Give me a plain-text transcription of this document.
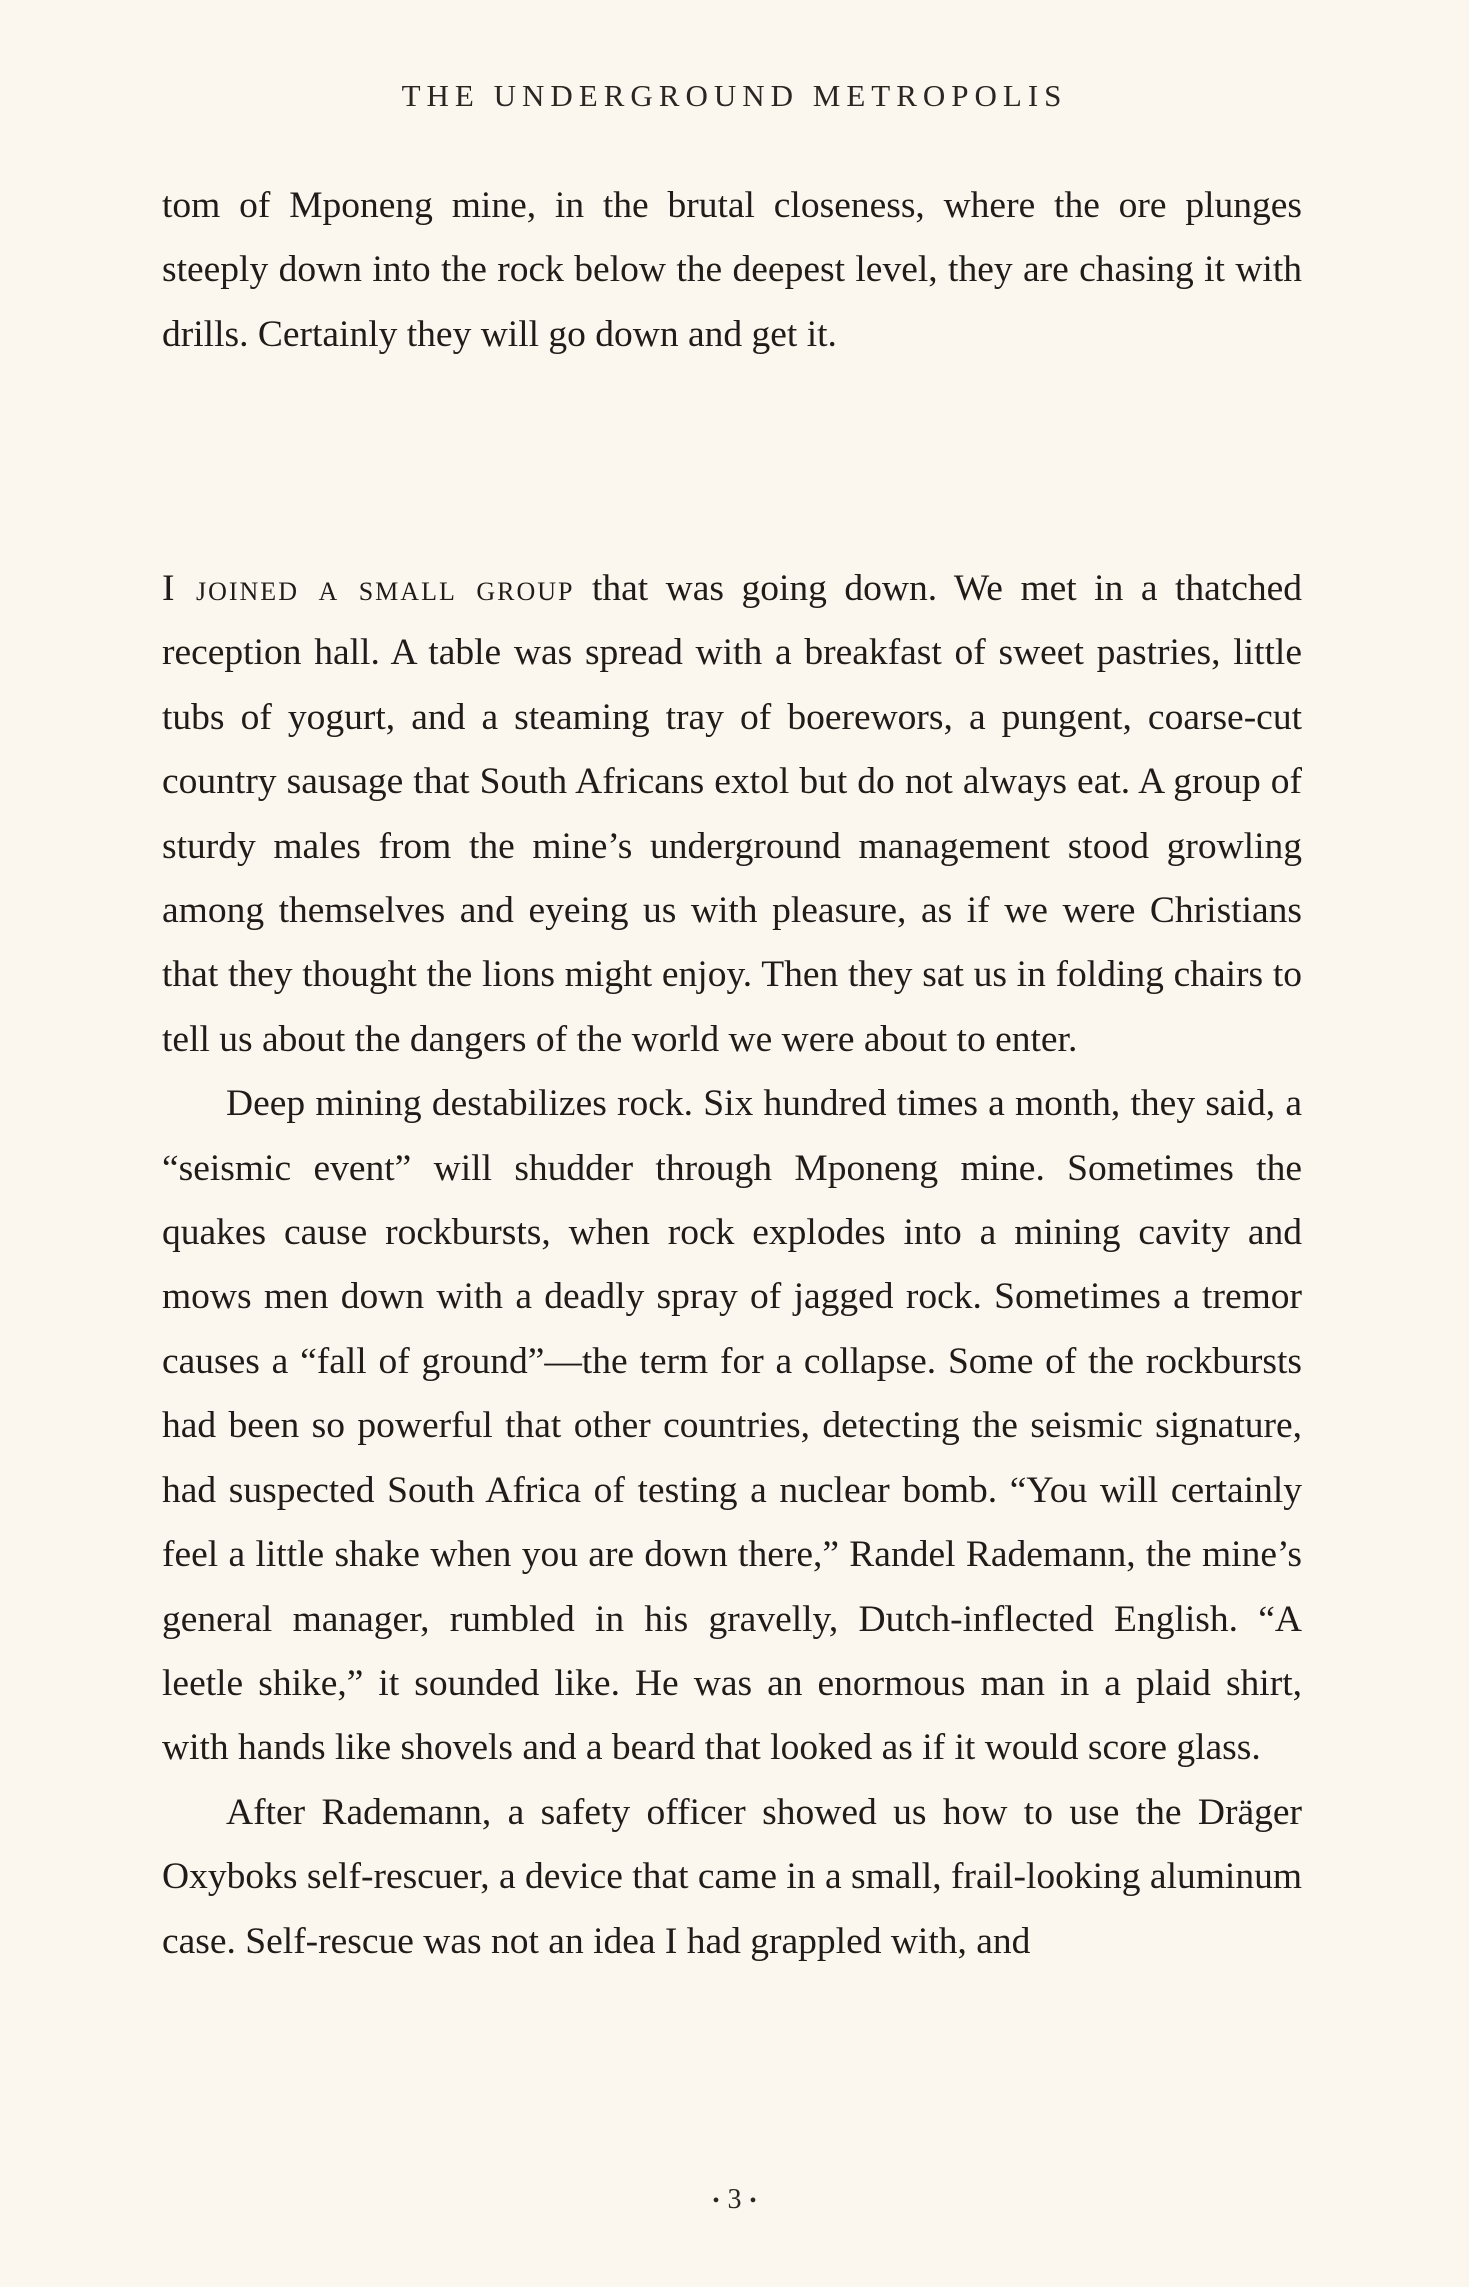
THE UNDERGROUND METROPOLIS

tom of Mponeng mine, in the brutal closeness, where the ore plunges steeply down into the rock below the deepest level, they are chasing it with drills. Certainly they will go down and get it.

I joined a small group that was going down. We met in a thatched reception hall. A table was spread with a breakfast of sweet pastries, little tubs of yogurt, and a steaming tray of boerewors, a pungent, coarse-cut country sausage that South Africans extol but do not always eat. A group of sturdy males from the mine’s underground management stood growling among themselves and eyeing us with pleasure, as if we were Christians that they thought the lions might enjoy. Then they sat us in folding chairs to tell us about the dangers of the world we were about to enter.

Deep mining destabilizes rock. Six hundred times a month, they said, a “seismic event” will shudder through Mponeng mine. Sometimes the quakes cause rockbursts, when rock explodes into a mining cavity and mows men down with a deadly spray of jagged rock. Sometimes a tremor causes a “fall of ground”—the term for a collapse. Some of the rockbursts had been so powerful that other countries, detecting the seismic signature, had suspected South Africa of testing a nuclear bomb. “You will certainly feel a little shake when you are down there,” Randel Rademann, the mine’s general manager, rumbled in his gravelly, Dutch-inflected English. “A leetle shike,” it sounded like. He was an enormous man in a plaid shirt, with hands like shovels and a beard that looked as if it would score glass.

After Rademann, a safety officer showed us how to use the Dräger Oxyboks self-rescuer, a device that came in a small, frail-looking aluminum case. Self-rescue was not an idea I had grappled with, and

• 3 •
